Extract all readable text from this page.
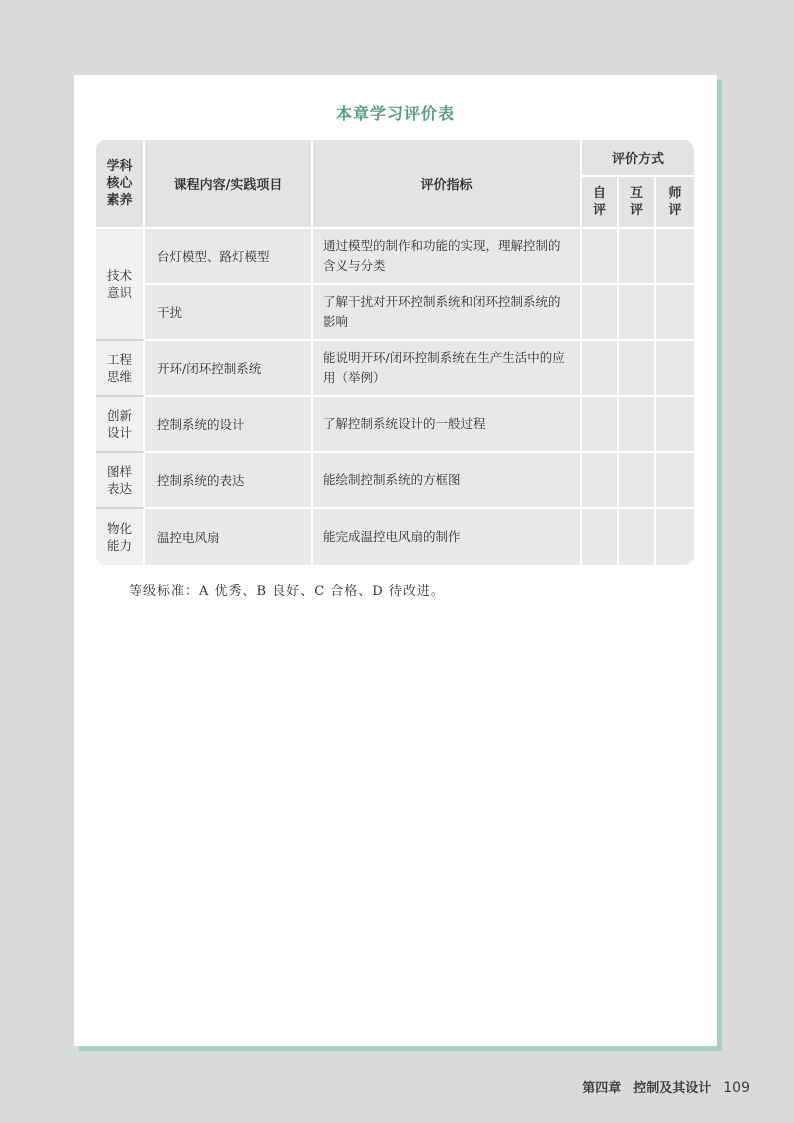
本章学习评价表
学科核心素养	课程内容/实践项目	评价指标	评价方式		
			自评	互评	师评
技术意识	台灯模型、路灯模型	通过模型的制作和功能的实现，理解控制的含义与分类			
	干扰	了解干扰对开环控制系统和闭环控制系统的影响			
工程思维	开环/闭环控制系统	能说明开环/闭环控制系统在生产生活中的应用（举例）			
创新设计	控制系统的设计	了解控制系统设计的一般过程			
图样表达	控制系统的表达	能绘制控制系统的方框图			
物化能力	温控电风扇	能完成温控电风扇的制作			
等级标准：A 优秀、B 良好、C 合格、D 待改进。
第四章 控制及其设计 109
